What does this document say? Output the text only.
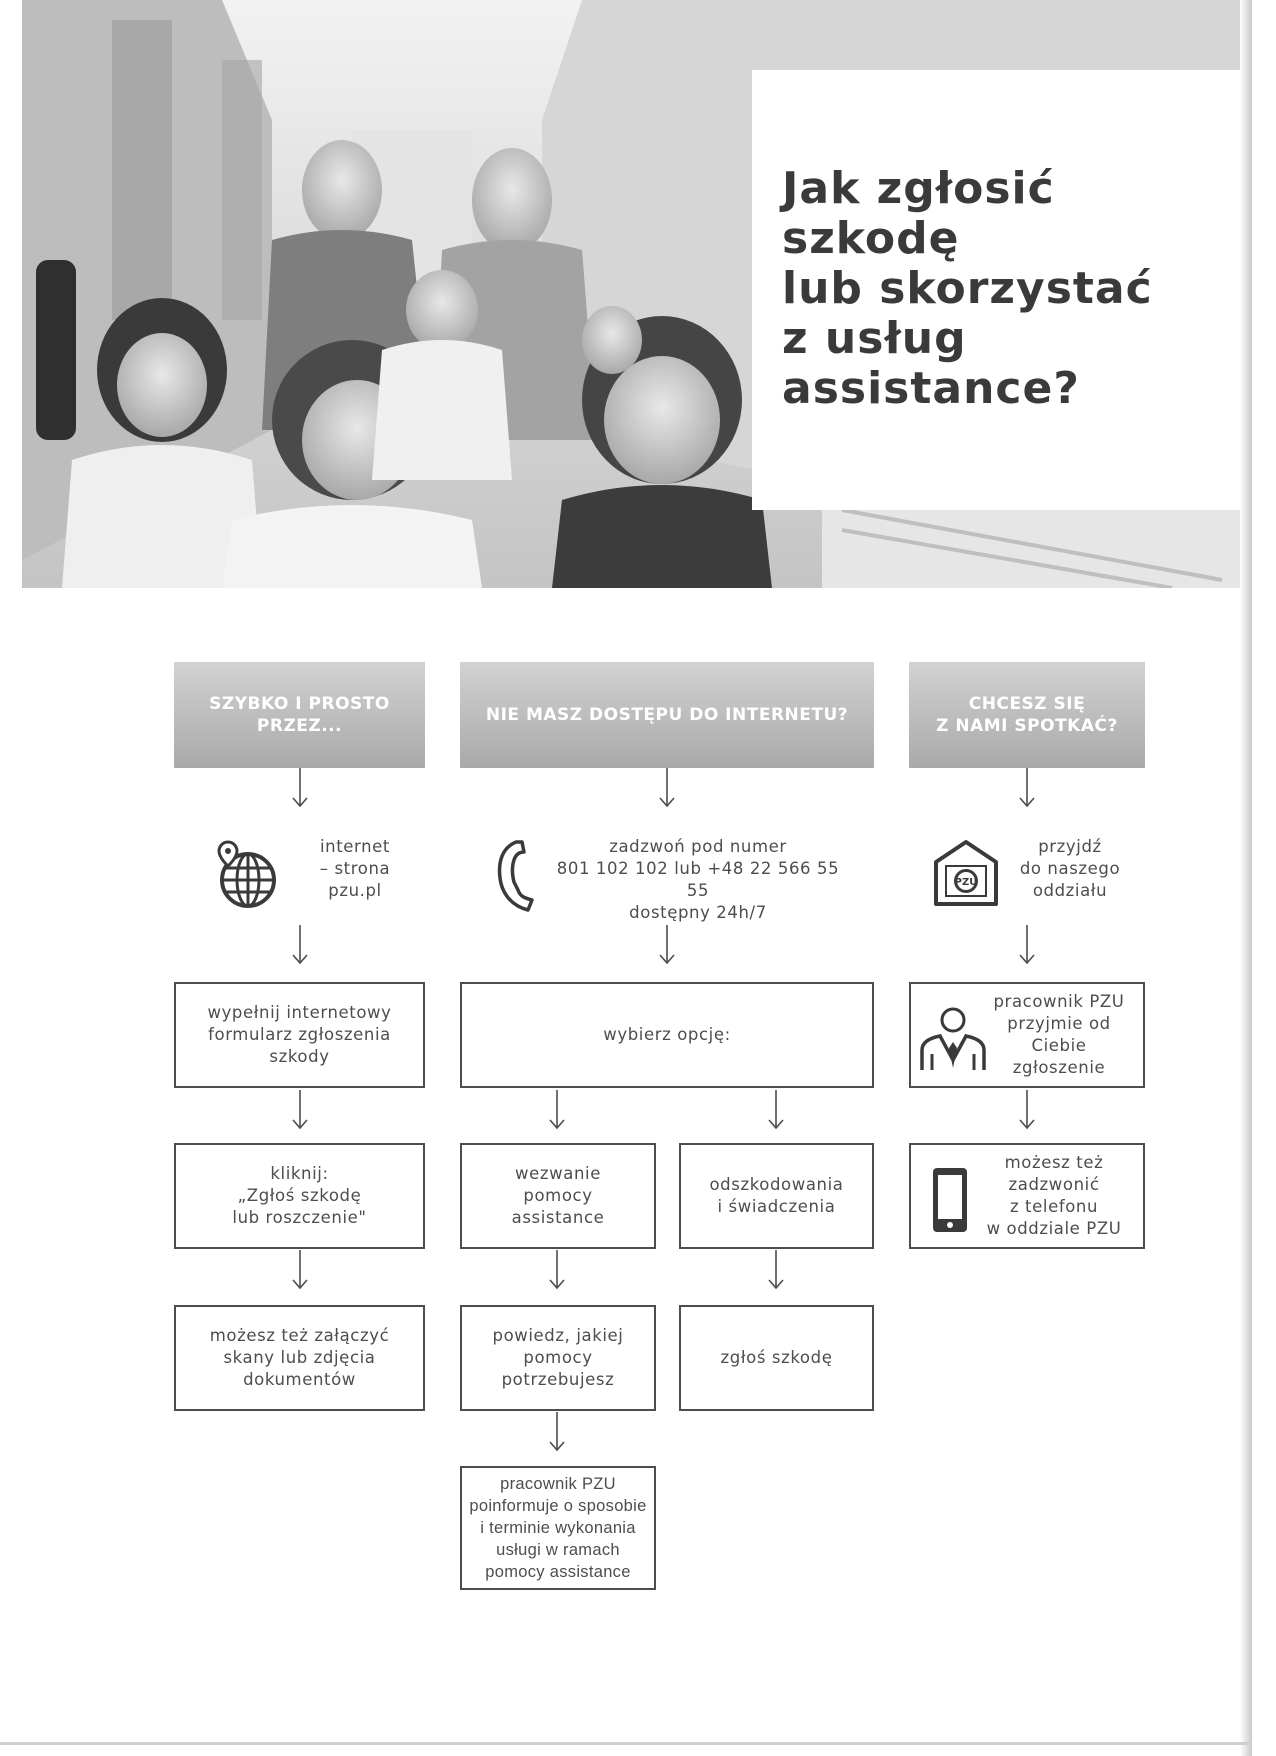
Jak zgłosić
szkodę
lub skorzystać
z usług
assistance?
SZYBKO I PROSTO
PRZEZ...
NIE MASZ DOSTĘPU DO INTERNETU?
CHCESZ SIĘ
Z NAMI SPOTKAĆ?
internet
– strona
pzu.pl
zadzwoń pod numer
801 102 102 lub +48 22 566 55 55
dostępny 24h/7
PZU
przyjdź
do naszego
oddziału
wypełnij internetowy
formularz zgłoszenia
szkody
wybierz opcję:
pracownik PZU
przyjmie od
Ciebie
zgłoszenie
kliknij:
„Zgłoś szkodę
lub roszczenie"
wezwanie
pomocy
assistance
odszkodowania
i świadczenia
możesz też
zadzwonić
z telefonu
w oddziale PZU
możesz też załączyć
skany lub zdjęcia
dokumentów
powiedz, jakiej
pomocy potrzebujesz
zgłoś szkodę
pracownik PZU
poinformuje o sposobie
i terminie wykonania
usługi w ramach
pomocy assistance
